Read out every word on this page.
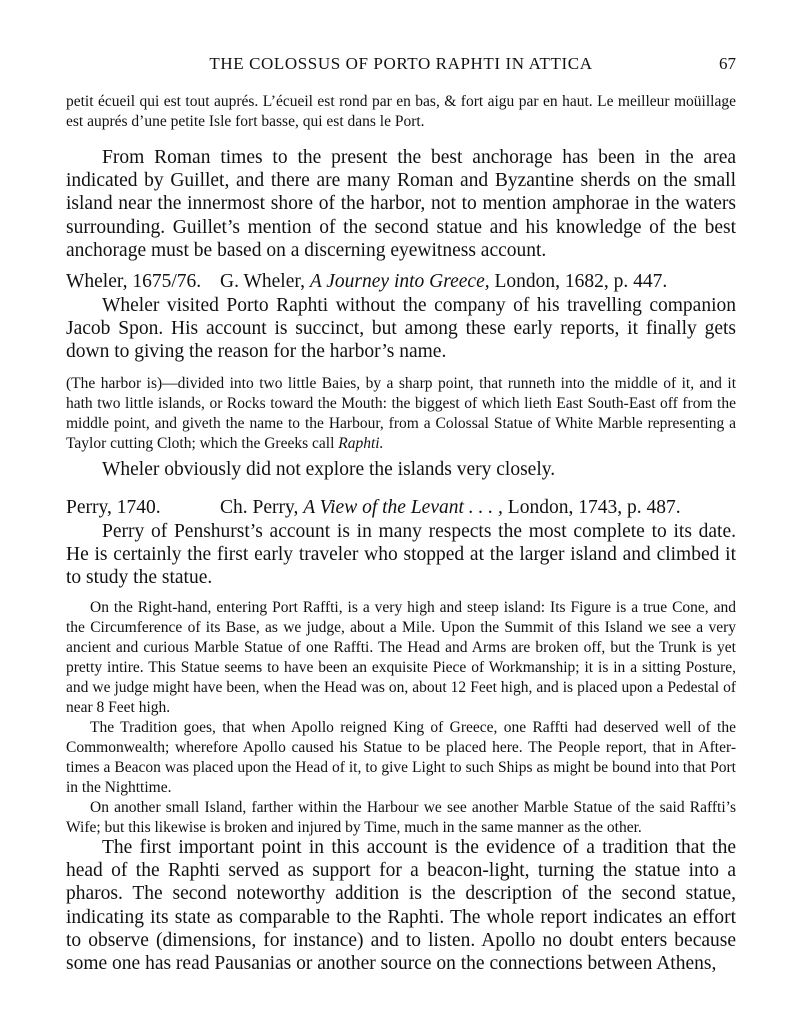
THE COLOSSUS OF PORTO RAPHTI IN ATTICA	67

petit écueil qui est tout auprés. L’écueil est rond par en bas, & fort aigu par en haut. Le meilleur moüillage est auprés d’une petite Isle fort basse, qui est dans le Port.

From Roman times to the present the best anchorage has been in the area indicated by Guillet, and there are many Roman and Byzantine sherds on the small island near the innermost shore of the harbor, not to mention amphorae in the waters surrounding. Guillet’s mention of the second statue and his knowledge of the best anchorage must be based on a discerning eyewitness account.

Wheler, 1675/76. G. Wheler, A Journey into Greece, London, 1682, p. 447.

Wheler visited Porto Raphti without the company of his travelling companion Jacob Spon. His account is succinct, but among these early reports, it finally gets down to giving the reason for the harbor’s name.

(The harbor is)—divided into two little Baies, by a sharp point, that runneth into the middle of it, and it hath two little islands, or Rocks toward the Mouth: the biggest of which lieth East South-East off from the middle point, and giveth the name to the Harbour, from a Colossal Statue of White Marble representing a Taylor cutting Cloth; which the Greeks call Raphti.

Wheler obviously did not explore the islands very closely.

Perry, 1740.	Ch. Perry, A View of the Levant . . . , London, 1743, p. 487.

Perry of Penshurst’s account is in many respects the most complete to its date. He is certainly the first early traveler who stopped at the larger island and climbed it to study the statue.

On the Right-hand, entering Port Raffti, is a very high and steep island: Its Figure is a true Cone, and the Circumference of its Base, as we judge, about a Mile. Upon the Summit of this Island we see a very ancient and curious Marble Statue of one Raffti. The Head and Arms are broken off, but the Trunk is yet pretty intire. This Statue seems to have been an exquisite Piece of Workmanship; it is in a sitting Posture, and we judge might have been, when the Head was on, about 12 Feet high, and is placed upon a Pedestal of near 8 Feet high.

The Tradition goes, that when Apollo reigned King of Greece, one Raffti had deserved well of the Commonwealth; wherefore Apollo caused his Statue to be placed here. The People report, that in After-times a Beacon was placed upon the Head of it, to give Light to such Ships as might be bound into that Port in the Nighttime.

On another small Island, farther within the Harbour we see another Marble Statue of the said Raffti’s Wife; but this likewise is broken and injured by Time, much in the same manner as the other.

The first important point in this account is the evidence of a tradition that the head of the Raphti served as support for a beacon-light, turning the statue into a pharos. The second noteworthy addition is the description of the second statue, indicating its state as comparable to the Raphti. The whole report indicates an effort to observe (dimensions, for instance) and to listen. Apollo no doubt enters because some one has read Pausanias or another source on the connections between Athens,
